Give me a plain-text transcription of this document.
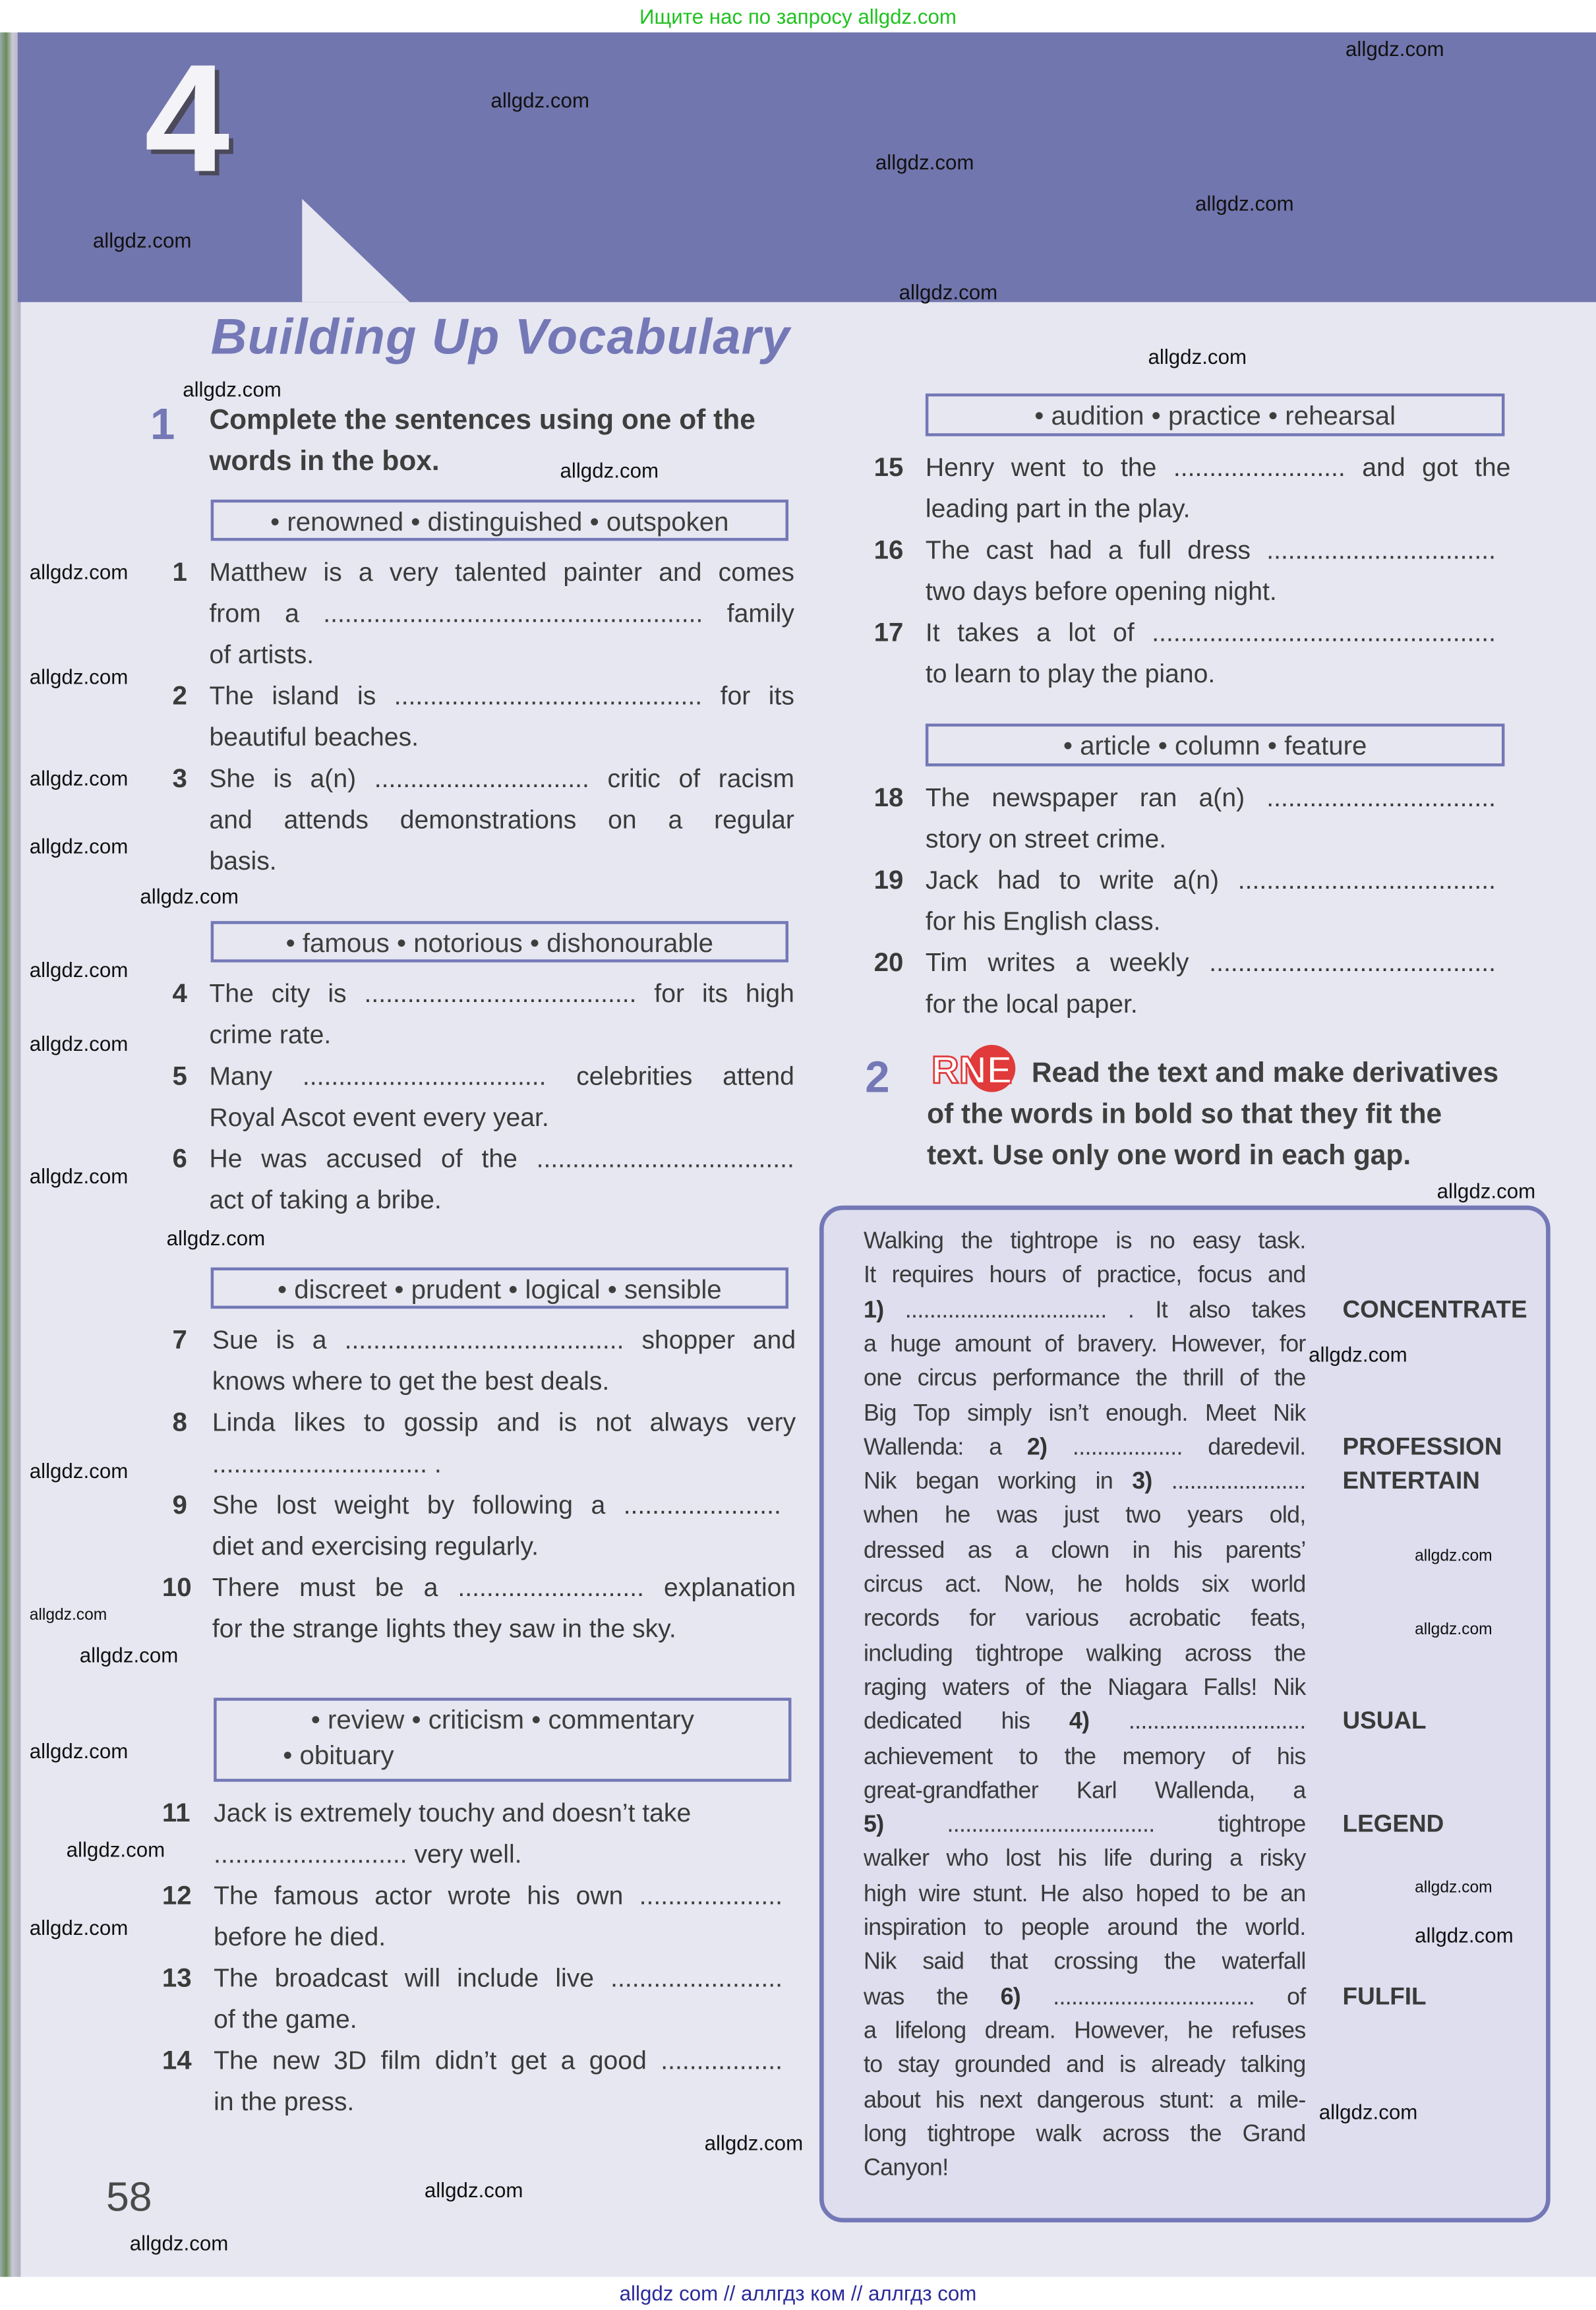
Ищите нас по запросу allgdz.com
4
Building Up Vocabulary
1	Complete the sentences using one of the
words in the box.
• renowned • distinguished • outspoken
• famous • notorious • dishonourable
• discreet • prudent • logical • sensible
• review • criticism • commentary
• obituary
• audition • practice • rehearsal
• article • column • feature
1 Matthew is a very talented painter and comes
from a ..................................................... family
of artists.
2 The island is ........................................... for its
beautiful beaches.
3 She is a(n) .............................. critic of racism
and attends demonstrations on a regular
basis.
4 The city is ...................................... for its high
crime rate.
5 Many .................................. celebrities attend
Royal Ascot event every year.
6 He was accused of the ....................................
act of taking a bribe.
7 Sue is a ....................................... shopper and
knows where to get the best deals.
8 Linda likes to gossip and is not always very
.............................. .
9 She lost weight by following a ......................
diet and exercising regularly.
10 There must be a .......................... explanation
for the strange lights they saw in the sky.
11 Jack is extremely touchy and doesn’t take
........................... very well.
12 The famous actor wrote his own ....................
before he died.
13 The broadcast will include live ........................
of the game.
14 The new 3D film didn’t get a good .................
in the press.
15 Henry went to the ........................ and got the
leading part in the play.
16 The cast had a full dress ................................
two days before opening night.
17 It takes a lot of ................................................
to learn to play the piano.
18 The newspaper ran a(n) ................................
story on street crime.
19 Jack had to write a(n) ....................................
for his English class.
20 Tim writes a weekly ........................................
for the local paper.
2 RNE Read the text and make derivatives
of the words in bold so that they fit the
text. Use only one word in each gap.
Walking the tightrope is no easy task.
It requires hours of practice, focus and
1) ................................. . It also takes
a huge amount of bravery. However, for
one circus performance the thrill of the
Big Top simply isn’t enough. Meet Nik
Wallenda: a 2) .................. daredevil.
Nik began working in 3) ......................
when he was just two years old,
dressed as a clown in his parents’
circus act. Now, he holds six world
records for various acrobatic feats,
including tightrope walking across the
raging waters of the Niagara Falls! Nik
dedicated his 4) .............................
achievement to the memory of his
great-grandfather Karl Wallenda, a
5) .................................. tightrope
walker who lost his life during a risky
high wire stunt. He also hoped to be an
inspiration to people around the world.
Nik said that crossing the waterfall
was the 6) ................................. of
a lifelong dream. However, he refuses
to stay grounded and is already talking
about his next dangerous stunt: a mile-
long tightrope walk across the Grand
Canyon!
CONCENTRATE
PROFESSION
ENTERTAIN
USUAL
LEGEND
FULFIL
58
allgdz.com
allgdz.com
allgdz.com
allgdz.com
allgdz.com
allgdz.com
allgdz.com
allgdz.com
allgdz.com
allgdz.com
allgdz.com
allgdz.com
allgdz.com
allgdz.com
allgdz.com
allgdz.com
allgdz.com
allgdz.com
allgdz.com
allgdz.com
allgdz.com
allgdz.com
allgdz.com
allgdz.com
allgdz.com	allgdz.com
allgdz.com
allgdz.com
allgdz.com
allgdz.com
allgdz.com
allgdz.com
allgdz.com
allgdz.com
allgdz com // аллгдз ком // аллгдз com
